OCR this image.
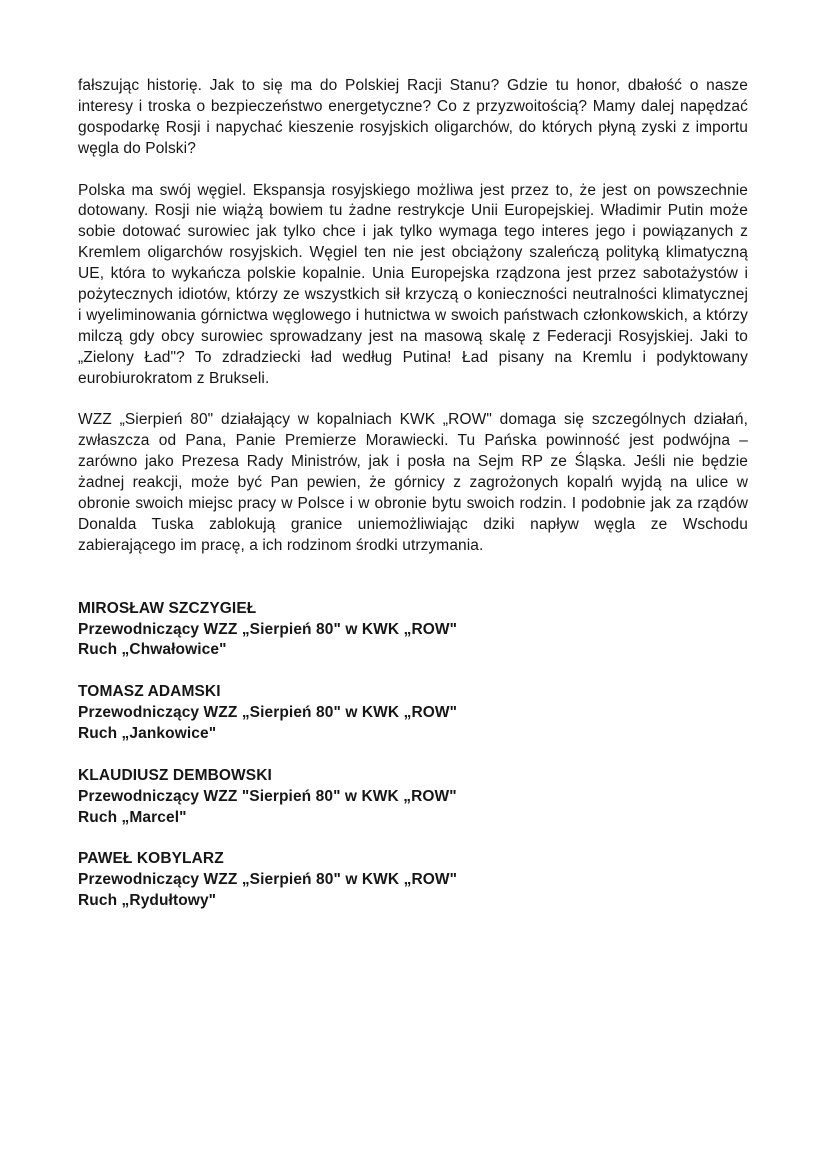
fałszując historię. Jak to się ma do Polskiej Racji Stanu? Gdzie tu honor, dbałość o nasze interesy i troska o bezpieczeństwo energetyczne? Co z przyzwoitością? Mamy dalej napędzać gospodarkę Rosji i napychać kieszenie rosyjskich oligarchów, do których płyną zyski z importu węgla do Polski?

Polska ma swój węgiel. Ekspansja rosyjskiego możliwa jest przez to, że jest on powszechnie dotowany. Rosji nie wiążą bowiem tu żadne restrykcje Unii Europejskiej. Władimir Putin może sobie dotować surowiec jak tylko chce i jak tylko wymaga tego interes jego i powiązanych z Kremlem oligarchów rosyjskich. Węgiel ten nie jest obciążony szaleńczą polityką klimatyczną UE, która to wykańcza polskie kopalnie. Unia Europejska rządzona jest przez sabotażystów i pożytecznych idiotów, którzy ze wszystkich sił krzyczą o konieczności neutralności klimatycznej i wyeliminowania górnictwa węglowego i hutnictwa w swoich państwach członkowskich, a którzy milczą gdy obcy surowiec sprowadzany jest na masową skalę z Federacji Rosyjskiej. Jaki to „Zielony Ład"? To zdradziecki ład według Putina! Ład pisany na Kremlu i podyktowany eurobiurokratom z Brukseli.

WZZ „Sierpień 80" działający w kopalniach KWK „ROW" domaga się szczególnych działań, zwłaszcza od Pana, Panie Premierze Morawiecki. Tu Pańska powinność jest podwójna – zarówno jako Prezesa Rady Ministrów, jak i posła na Sejm RP ze Śląska. Jeśli nie będzie żadnej reakcji, może być Pan pewien, że górnicy z zagrożonych kopalń wyjdą na ulice w obronie swoich miejsc pracy w Polsce i w obronie bytu swoich rodzin. I podobnie jak za rządów Donalda Tuska zablokują granice uniemożliwiając dziki napływ węgla ze Wschodu zabierającego im pracę, a ich rodzinom środki utrzymania.

MIROSŁAW SZCZYGIEŁ

Przewodniczący WZZ „Sierpień 80" w KWK „ROW"

Ruch „Chwałowice"

TOMASZ ADAMSKI

Przewodniczący WZZ „Sierpień 80" w KWK „ROW"

Ruch „Jankowice"

KLAUDIUSZ DEMBOWSKI

Przewodniczący WZZ "Sierpień 80" w KWK „ROW"

Ruch „Marcel"

PAWEŁ KOBYLARZ

Przewodniczący WZZ „Sierpień 80" w KWK „ROW"

Ruch „Rydułtowy"
